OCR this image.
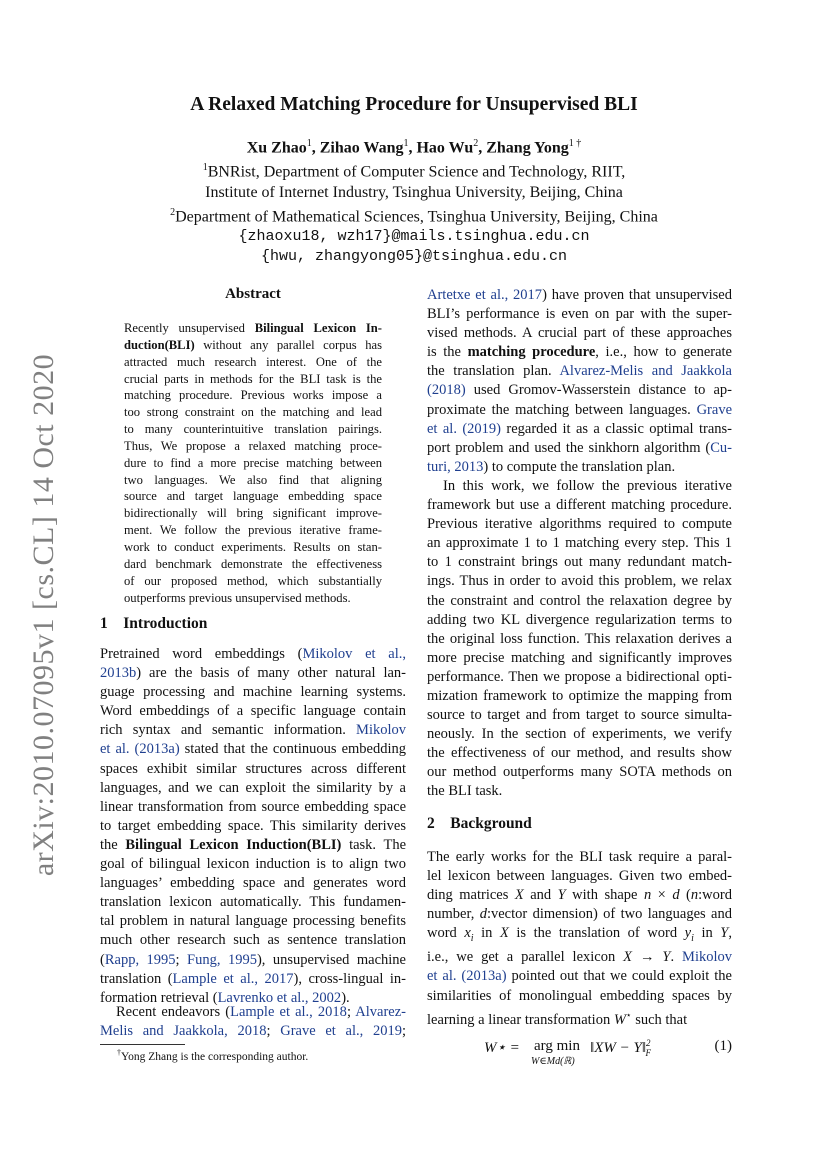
arXiv:2010.07095v1 [cs.CL] 14 Oct 2020
A Relaxed Matching Procedure for Unsupervised BLI
Xu Zhao$^1$, Zihao Wang$^1$, Hao Wu$^2$, Zhang Yong$^{1 \dagger}$
$^1$BNRist, Department of Computer Science and Technology, RIIT,
Institute of Internet Industry, Tsinghua University, Beijing, China
$^2$Department of Mathematical Sciences, Tsinghua University, Beijing, China
{zhaoxu18, wzh17}@mails.tsinghua.edu.cn
{hwu, zhangyong05}@tsinghua.edu.cn
Abstract
Recently unsupervised Bilingual Lexicon In-
duction(BLI) without any parallel corpus has
attracted much research interest. One of the
crucial parts in methods for the BLI task is the
matching procedure. Previous works impose a
too strong constraint on the matching and lead
to many counterintuitive translation pairings.
Thus, We propose a relaxed matching proce-
dure to find a more precise matching between
two languages. We also find that aligning
source and target language embedding space
bidirectionally will bring significant improve-
ment. We follow the previous iterative frame-
work to conduct experiments. Results on stan-
dard benchmark demonstrate the effectiveness
of our proposed method, which substantially
outperforms previous unsupervised methods.
1 Introduction
Pretrained word embeddings (Mikolov et al.,
2013b) are the basis of many other natural lan-
guage processing and machine learning systems.
Word embeddings of a specific language contain
rich syntax and semantic information. Mikolov
et al. (2013a) stated that the continuous embedding
spaces exhibit similar structures across different
languages, and we can exploit the similarity by a
linear transformation from source embedding space
to target embedding space. This similarity derives
the Bilingual Lexicon Induction(BLI) task. The
goal of bilingual lexicon induction is to align two
languages’ embedding space and generates word
translation lexicon automatically. This fundamen-
tal problem in natural language processing benefits
much other research such as sentence translation
(Rapp, 1995; Fung, 1995), unsupervised machine
translation (Lample et al., 2017), cross-lingual in-
formation retrieval (Lavrenko et al., 2002).
Recent endeavors (Lample et al., 2018; Alvarez-
Melis and Jaakkola, 2018; Grave et al., 2019;
†Yong Zhang is the corresponding author.
Artetxe et al., 2017) have proven that unsupervised
BLI’s performance is even on par with the super-
vised methods. A crucial part of these approaches
is the matching procedure, i.e., how to generate
the translation plan. Alvarez-Melis and Jaakkola
(2018) used Gromov-Wasserstein distance to ap-
proximate the matching between languages. Grave
et al. (2019) regarded it as a classic optimal trans-
port problem and used the sinkhorn algorithm (Cu-
turi, 2013) to compute the translation plan.
In this work, we follow the previous iterative
framework but use a different matching procedure.
Previous iterative algorithms required to compute
an approximate 1 to 1 matching every step. This 1
to 1 constraint brings out many redundant match-
ings. Thus in order to avoid this problem, we relax
the constraint and control the relaxation degree by
adding two KL divergence regularization terms to
the original loss function. This relaxation derives a
more precise matching and significantly improves
performance. Then we propose a bidirectional opti-
mization framework to optimize the mapping from
source to target and from target to source simulta-
neously. In the section of experiments, we verify
the effectiveness of our method, and results show
our method outperforms many SOTA methods on
the BLI task.
2 Background
The early works for the BLI task require a paral-
lel lexicon between languages. Given two embed-
ding matrices X and Y with shape n × d (n:word
number, d:vector dimension) of two languages and
word $x_i$ in X is the translation of word $y_i$ in Y,
i.e., we get a parallel lexicon X → Y. Mikolov
et al. (2013a) pointed out that we could exploit the
similarities of monolingual embedding spaces by
learning a linear transformation W⋆ such that
W⋆ = arg min
W∈Md(ℝ)
‖XW − Y‖$^2_F$	(1)
